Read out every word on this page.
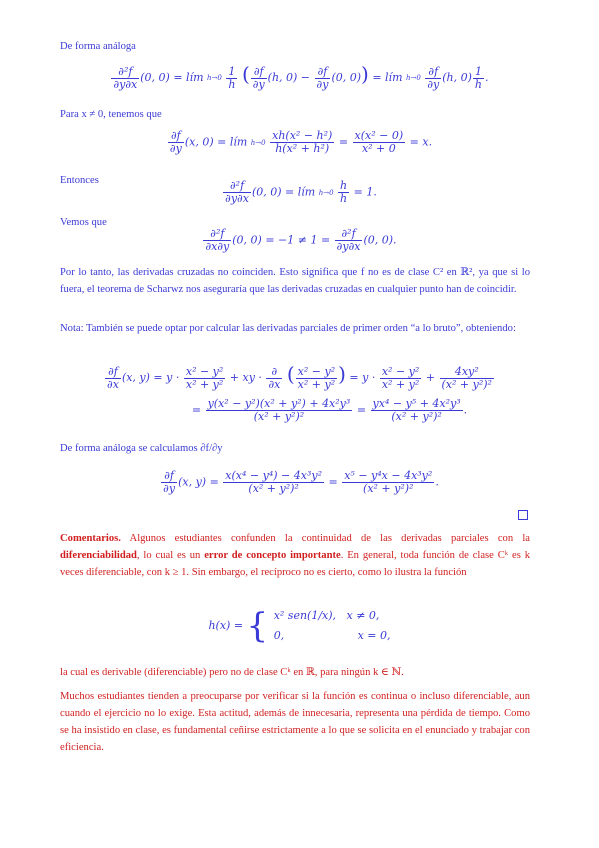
De forma análoga
$\frac{\text{∂²f}}{\partial y\partial x} (0$, 0) = lím h→0
$\frac{1}{h}$ ( $\frac{\partial f}{\partial y} (h$, $0) - \frac{\partial f}{\partial y} (0$, 0)) = lím h→0
$\frac{\partial f}{\partial y} (h$, $0) \frac{1}{h}$ .
Para x ≠ 0, tenemos que
$\frac{\partial f}{\partial y} (x$, 0) = lím h→0
$\frac{\text{xh(x² − h²)}}{\text{h(x² + h²)}} = \frac{\text{x(x² − 0)}}{\text{x² + 0}} = x$.
Entonces	$\frac{\text{∂²f}}{\partial y\partial x} (0$, 0) = lím h→0
$\frac{h}{h} = 1$.
Vemos que
$\frac{\text{∂²f}}{\partial x\partial y} (0$, $0) = -1 \ne 1 = \frac{\text{∂²f}}{\partial y\partial x} (0$, 0).
Por lo tanto, las derivadas cruzadas no coinciden. Esto significa que f no es de clase C² en ℝ², ya que si lo fuera, el teorema de Scharwz nos aseguraría que las derivadas cruzadas en cualquier punto han de coincidir.
Nota: También se puede optar por calcular las derivadas parciales de primer orden “a lo bruto”, obteniendo:
$\frac{\partial f}{\partial x} (x$, $y) = y \cdot \frac{\text{x² − y²}}{\text{x² + y²}}$ + xy · $\frac{\partial}{\partial x}$ ( $\frac{\text{x² − y²}}{\text{x² + y²}}$ ) = $y \cdot \frac{\text{x² − y²}}{\text{x² + y²}} + \frac{\text{4xy²}}{\text{(x² + y²)²}}$
= $\frac{\text{y(x² − y²)(x² + y²) + 4x²y³}}{\text{(x² + y²)²}} = \frac{\text{yx⁴ − y⁵ + 4x²y³}}{\text{(x² + y²)²}}$ .
De forma análoga se calculamos ∂f/∂y
$\frac{\partial f}{\partial y} (x$, $y) = \frac{\text{x(x⁴ − y⁴) − 4x³y²}}{\text{(x² + y²)²}} = \frac{\text{x⁵ − y⁴x − 4x³y²}}{\text{(x² + y²)²}}$ .
Comentarios. Algunos estudiantes confunden la continuidad de las derivadas parciales con la diferenciabilidad, lo cual es un error de concepto importante. En general, toda función de clase Cᵏ es k veces diferenciable, con k ≥ 1. Sin embargo, el recíproco no es cierto, como lo ilustra la función
h(x) = { x² sen(1/x),   x ≠ 0,
0,                     x = 0,
la cual es derivable (diferenciable) pero no de clase Cᵏ en ℝ, para ningún k ∈ ℕ.
Muchos estudiantes tienden a preocuparse por verificar si la función es continua o incluso diferenciable, aun cuando el ejercicio no lo exige. Esta actitud, además de innecesaria, representa una pérdida de tiempo. Como se ha insistido en clase, es fundamental ceñirse estrictamente a lo que se solicita en el enunciado y trabajar con eficiencia.
